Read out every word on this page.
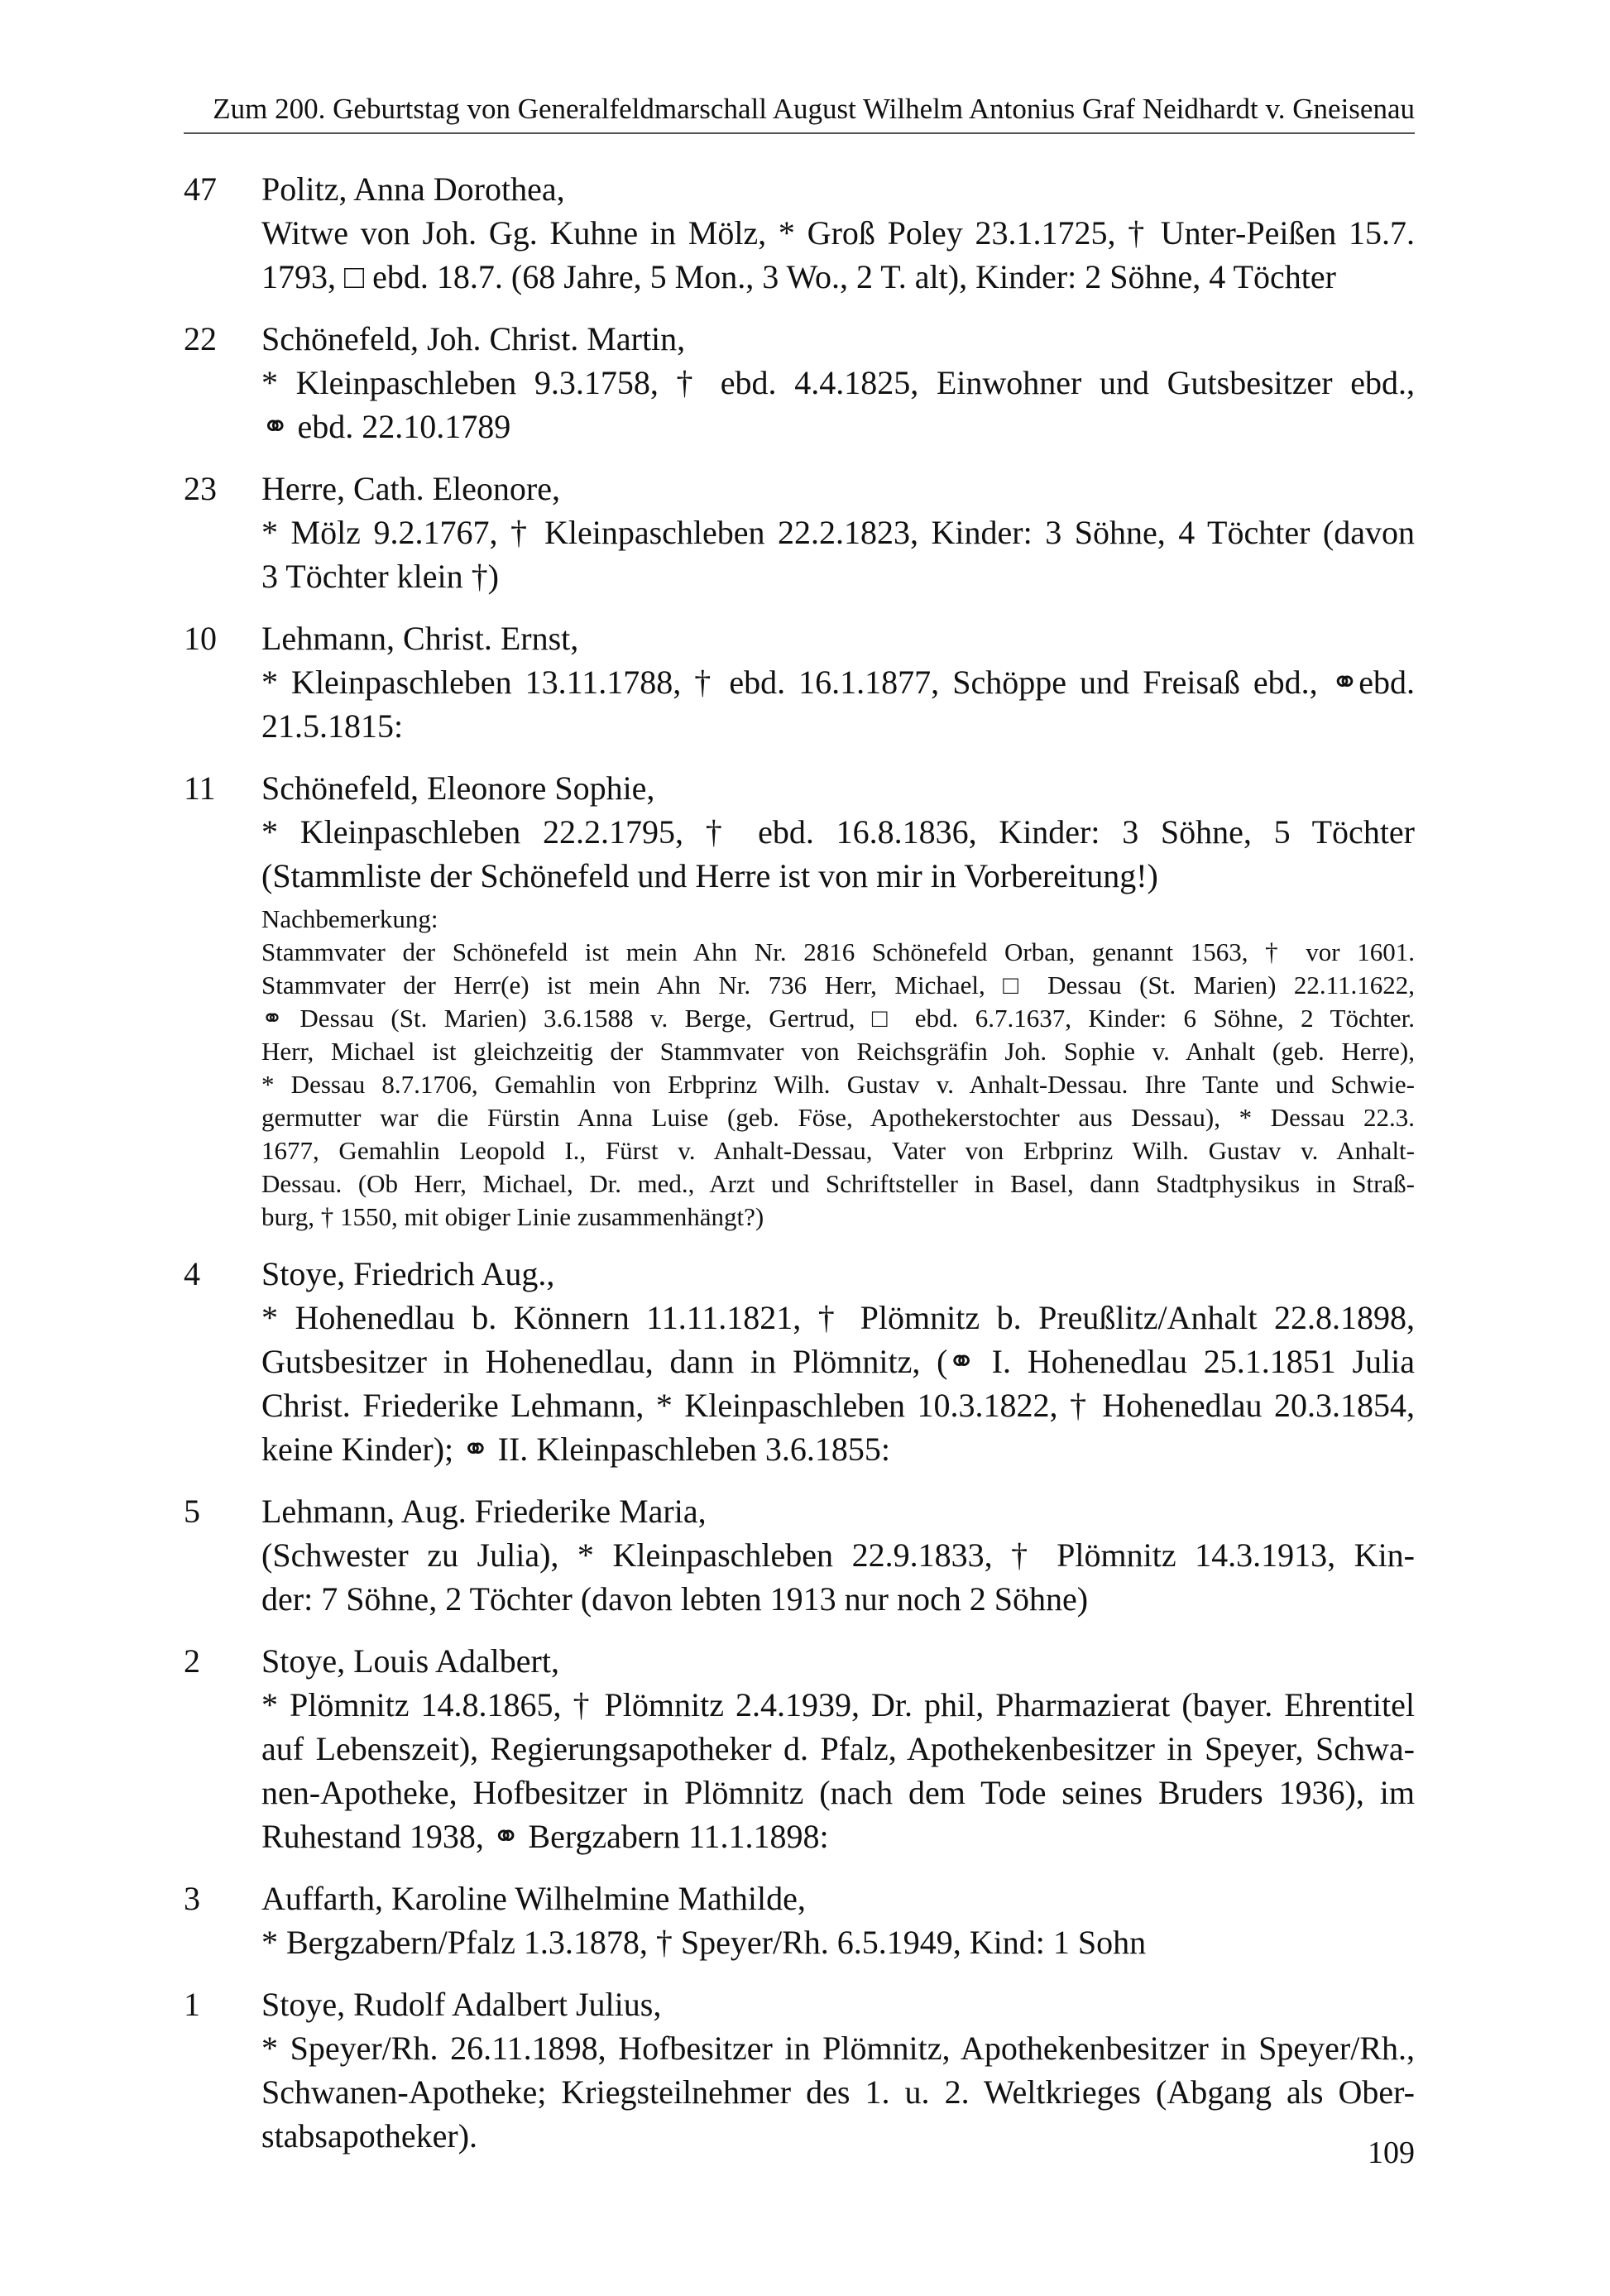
Zum 200. Geburtstag von Generalfeldmarschall August Wilhelm Antonius Graf Neidhardt v. Gneisenau
47	Politz, Anna Dorothea,
Witwe von Joh. Gg. Kuhne in Mölz, * Groß Poley 23.1.1725, † Unter-Peißen 15.7.
1793, □ ebd. 18.7. (68 Jahre, 5 Mon., 3 Wo., 2 T. alt), Kinder: 2 Söhne, 4 Töchter
22	Schönefeld, Joh. Christ. Martin,
* Kleinpaschleben 9.3.1758, † ebd. 4.4.1825, Einwohner und Gutsbesitzer ebd.,
⚭ ebd. 22.10.1789
23	Herre, Cath. Eleonore,
* Mölz 9.2.1767, † Kleinpaschleben 22.2.1823, Kinder: 3 Söhne, 4 Töchter (davon
3 Töchter klein †)
10	Lehmann, Christ. Ernst,
* Kleinpaschleben 13.11.1788, † ebd. 16.1.1877, Schöppe und Freisaß ebd., ⚭ebd.
21.5.1815:
11	Schönefeld, Eleonore Sophie,
* Kleinpaschleben 22.2.1795, † ebd. 16.8.1836, Kinder: 3 Söhne, 5 Töchter
(Stammliste der Schönefeld und Herre ist von mir in Vorbereitung!)
Nachbemerkung:
Stammvater der Schönefeld ist mein Ahn Nr. 2816 Schönefeld Orban, genannt 1563, † vor 1601.
Stammvater der Herr(e) ist mein Ahn Nr. 736 Herr, Michael, □ Dessau (St. Marien) 22.11.1622,
⚭ Dessau (St. Marien) 3.6.1588 v. Berge, Gertrud, □ ebd. 6.7.1637, Kinder: 6 Söhne, 2 Töchter.
Herr, Michael ist gleichzeitig der Stammvater von Reichsgräfin Joh. Sophie v. Anhalt (geb. Herre),
* Dessau 8.7.1706, Gemahlin von Erbprinz Wilh. Gustav v. Anhalt-Dessau. Ihre Tante und Schwie-
germutter war die Fürstin Anna Luise (geb. Föse, Apothekerstochter aus Dessau), * Dessau 22.3.
1677, Gemahlin Leopold I., Fürst v. Anhalt-Dessau, Vater von Erbprinz Wilh. Gustav v. Anhalt-
Dessau. (Ob Herr, Michael, Dr. med., Arzt und Schriftsteller in Basel, dann Stadtphysikus in Straß-
burg, † 1550, mit obiger Linie zusammenhängt?)
4	Stoye, Friedrich Aug.,
* Hohenedlau b. Könnern 11.11.1821, † Plömnitz b. Preußlitz/Anhalt 22.8.1898,
Gutsbesitzer in Hohenedlau, dann in Plömnitz, (⚭ I. Hohenedlau 25.1.1851 Julia
Christ. Friederike Lehmann, * Kleinpaschleben 10.3.1822, † Hohenedlau 20.3.1854,
keine Kinder); ⚭ II. Kleinpaschleben 3.6.1855:
5	Lehmann, Aug. Friederike Maria,
(Schwester zu Julia), * Kleinpaschleben 22.9.1833, † Plömnitz 14.3.1913, Kin-
der: 7 Söhne, 2 Töchter (davon lebten 1913 nur noch 2 Söhne)
2	Stoye, Louis Adalbert,
* Plömnitz 14.8.1865, † Plömnitz 2.4.1939, Dr. phil, Pharmazierat (bayer. Ehrentitel
auf Lebenszeit), Regierungsapotheker d. Pfalz, Apothekenbesitzer in Speyer, Schwa-
nen-Apotheke, Hofbesitzer in Plömnitz (nach dem Tode seines Bruders 1936), im
Ruhestand 1938, ⚭ Bergzabern 11.1.1898:
3	Auffarth, Karoline Wilhelmine Mathilde,
* Bergzabern/Pfalz 1.3.1878, † Speyer/Rh. 6.5.1949, Kind: 1 Sohn
1	Stoye, Rudolf Adalbert Julius,
* Speyer/Rh. 26.11.1898, Hofbesitzer in Plömnitz, Apothekenbesitzer in Speyer/Rh.,
Schwanen-Apotheke; Kriegsteilnehmer des 1. u. 2. Weltkrieges (Abgang als Ober-
stabsapotheker).	109
